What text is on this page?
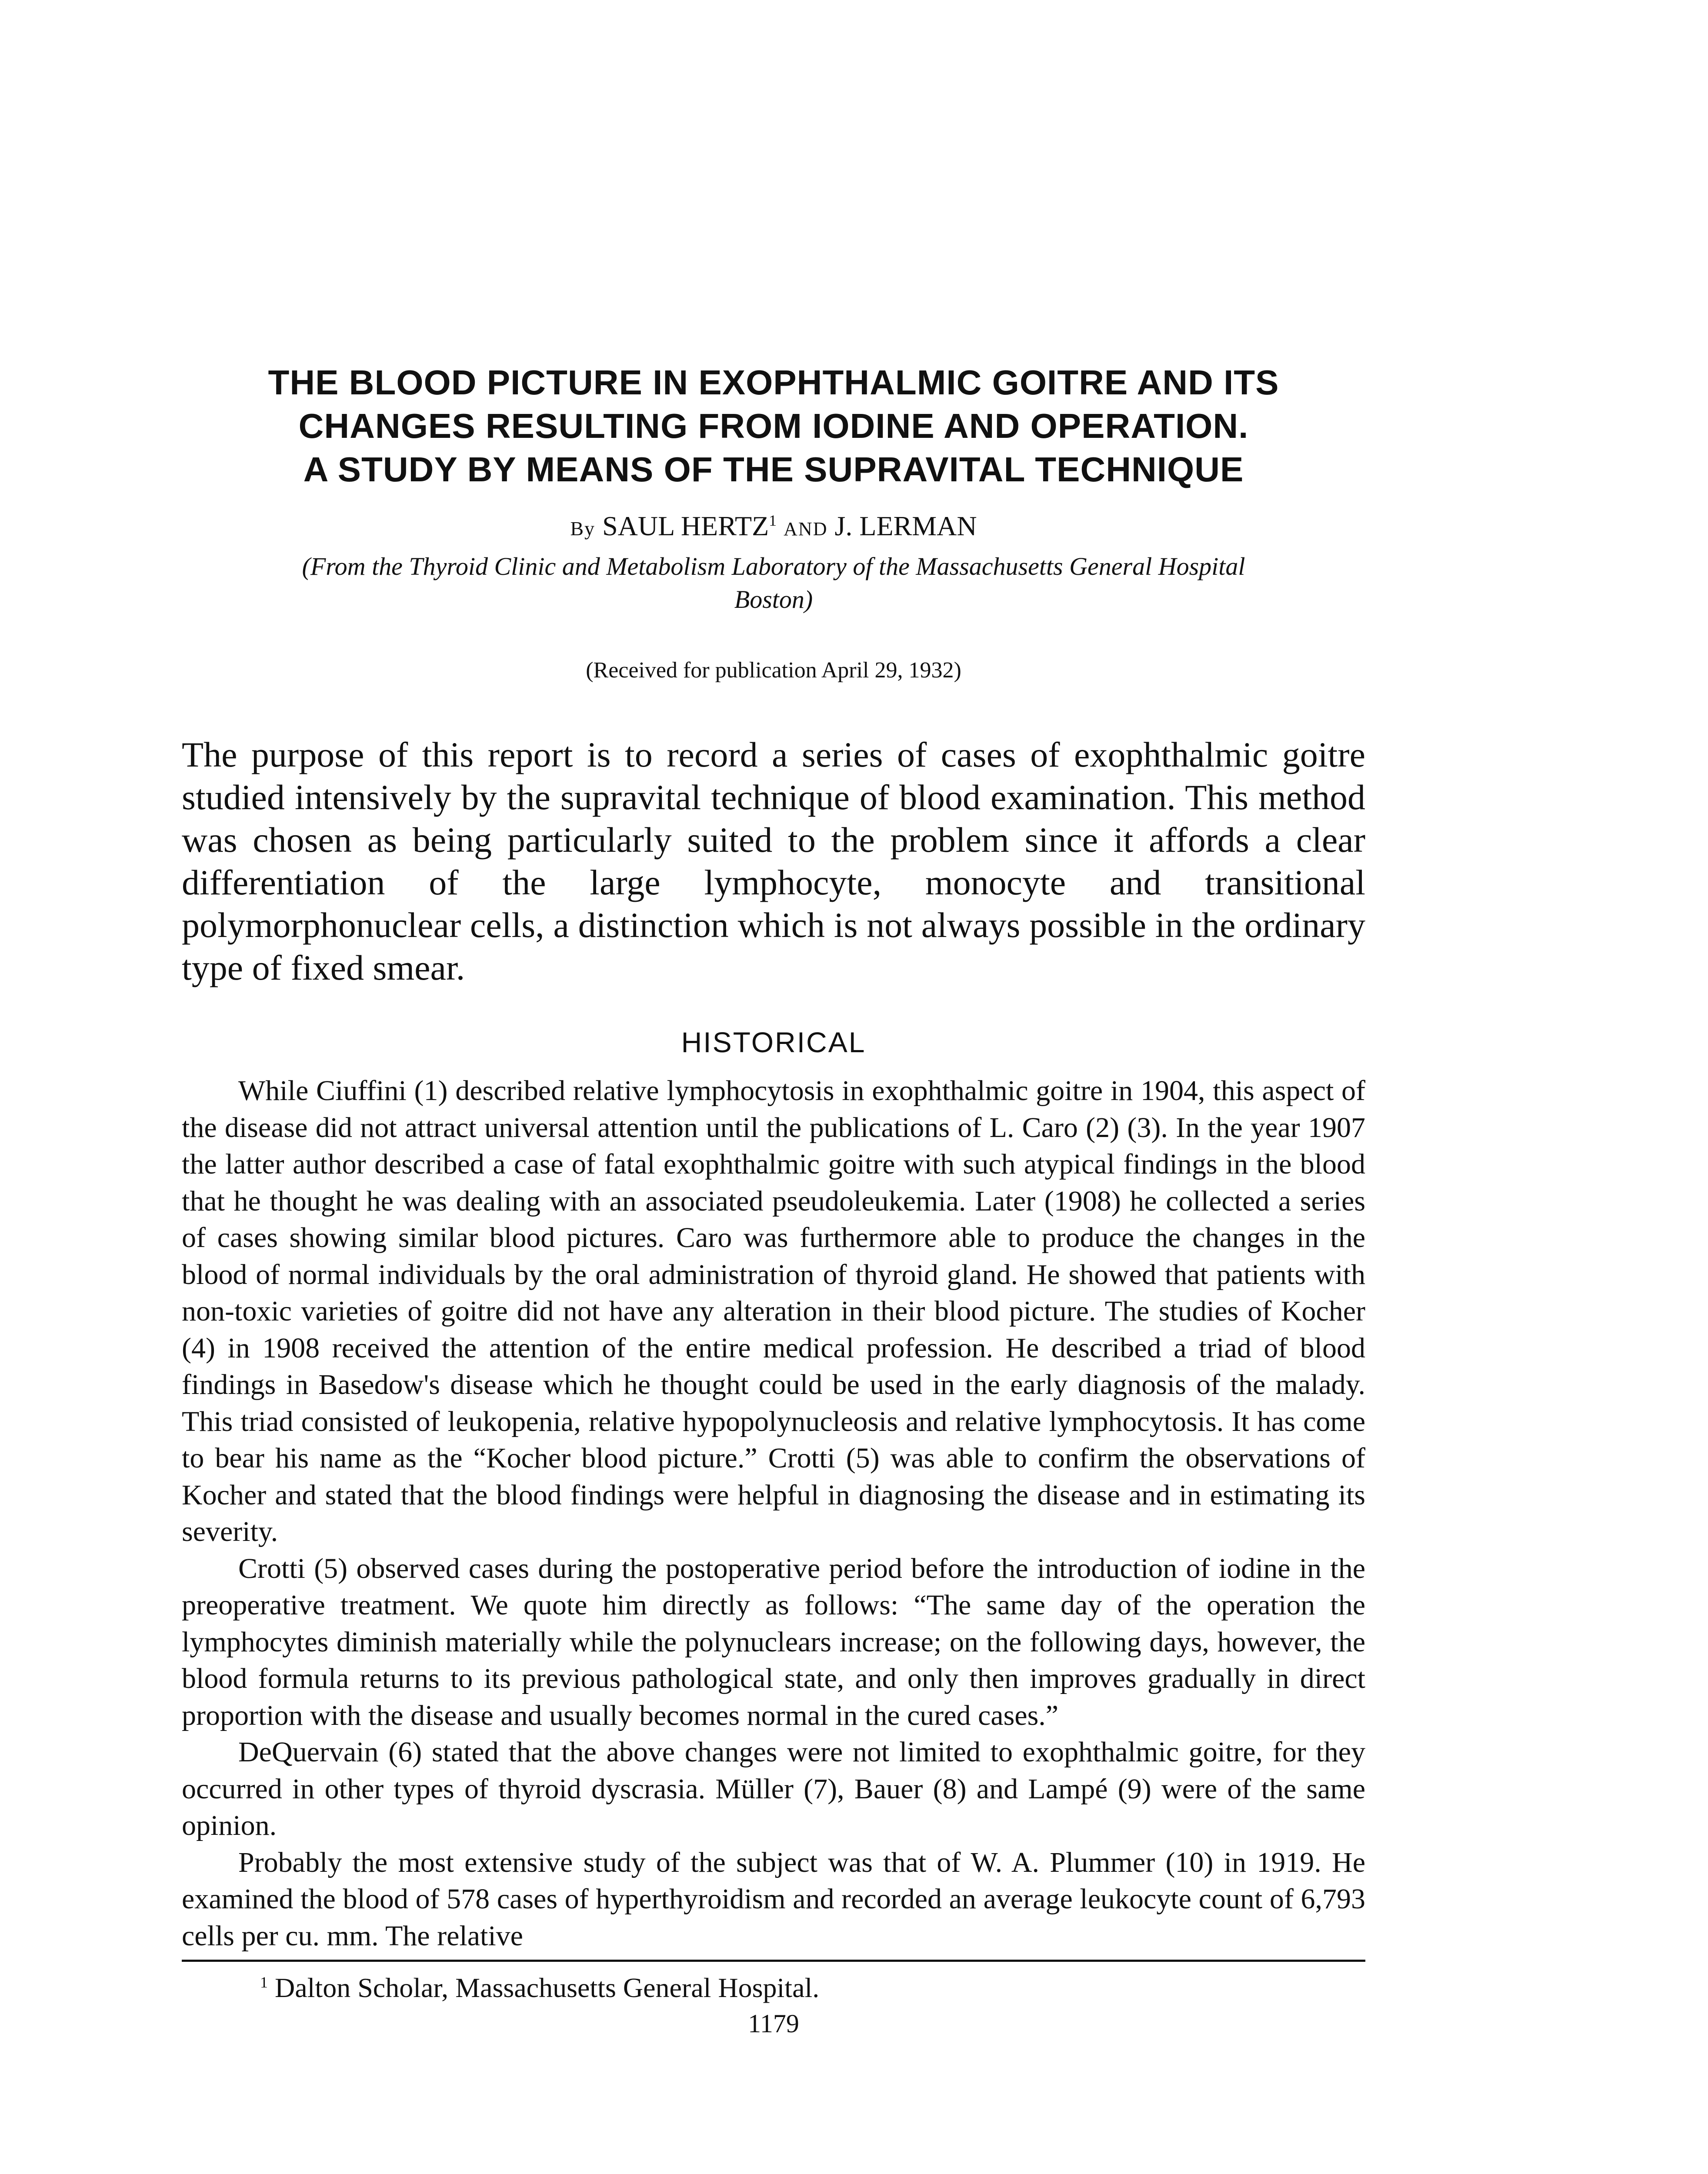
THE BLOOD PICTURE IN EXOPHTHALMIC GOITRE AND ITS
CHANGES RESULTING FROM IODINE AND OPERATION.
A STUDY BY MEANS OF THE SUPRAVITAL TECHNIQUE
By SAUL HERTZ$^1$ AND J. LERMAN
(From the Thyroid Clinic and Metabolism Laboratory of the Massachusetts General Hospital
Boston)
(Received for publication April 29, 1932)

The purpose of this report is to record a series of cases of exophthalmic goitre studied intensively by the supravital technique of blood examination. This method was chosen as being particularly suited to the problem since it affords a clear differentiation of the large lymphocyte, monocyte and transitional polymorphonuclear cells, a distinction which is not always possible in the ordinary type of fixed smear.

HISTORICAL

While Ciuffini (1) described relative lymphocytosis in exophthalmic goitre in 1904, this aspect of the disease did not attract universal attention until the publications of L. Caro (2) (3). In the year 1907 the latter author described a case of fatal exophthalmic goitre with such atypical findings in the blood that he thought he was dealing with an associated pseudoleukemia. Later (1908) he collected a series of cases showing similar blood pictures. Caro was furthermore able to produce the changes in the blood of normal individuals by the oral administration of thyroid gland. He showed that patients with non-toxic varieties of goitre did not have any alteration in their blood picture. The studies of Kocher (4) in 1908 received the attention of the entire medical profession. He described a triad of blood findings in Basedow's disease which he thought could be used in the early diagnosis of the malady. This triad consisted of leukopenia, relative hypopolynucleosis and relative lymphocytosis. It has come to bear his name as the “Kocher blood picture.” Crotti (5) was able to confirm the observations of Kocher and stated that the blood findings were helpful in diagnosing the disease and in estimating its severity.

Crotti (5) observed cases during the postoperative period before the introduction of iodine in the preoperative treatment. We quote him directly as follows: “The same day of the operation the lymphocytes diminish materially while the polynuclears increase; on the following days, however, the blood formula returns to its previous pathological state, and only then improves gradually in direct proportion with the disease and usually becomes normal in the cured cases.”

DeQuervain (6) stated that the above changes were not limited to exophthalmic goitre, for they occurred in other types of thyroid dyscrasia. Müller (7), Bauer (8) and Lampé (9) were of the same opinion.

Probably the most extensive study of the subject was that of W. A. Plummer (10) in 1919. He examined the blood of 578 cases of hyperthyroidism and recorded an average leukocyte count of 6,793 cells per cu. mm. The relative

$^1$ Dalton Scholar, Massachusetts General Hospital.
1179
